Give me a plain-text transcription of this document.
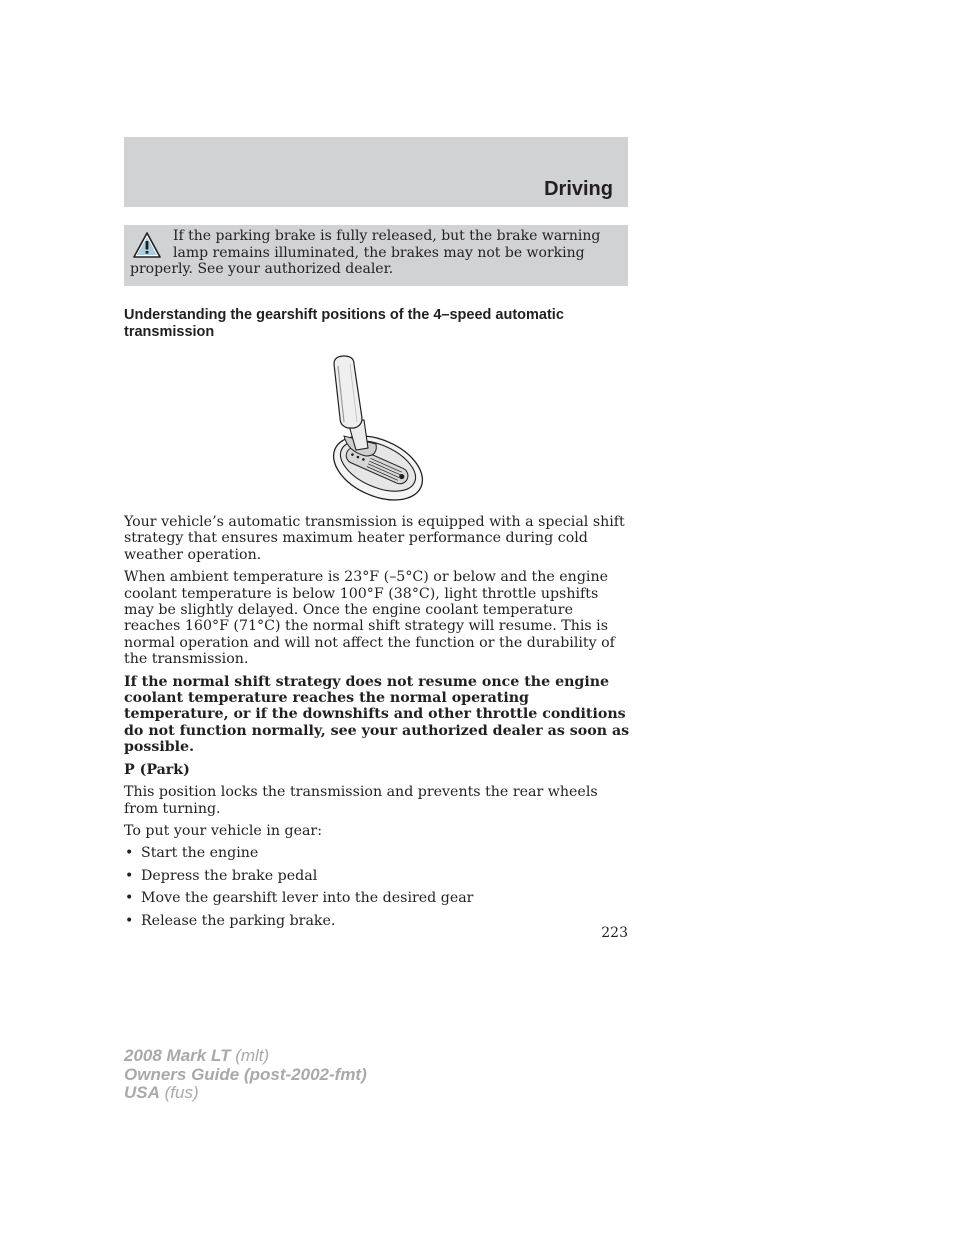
Driving
If the parking brake is fully released, but the brake warning lamp remains illuminated, the brakes may not be working properly. See your authorized dealer.
Understanding the gearshift positions of the 4–speed automatic transmission

Your vehicle’s automatic transmission is equipped with a special shift strategy that ensures maximum heater performance during cold weather operation.

When ambient temperature is 23°F (–5°C) or below and the engine coolant temperature is below 100°F (38°C), light throttle upshifts may be slightly delayed. Once the engine coolant temperature reaches 160°F (71°C) the normal shift strategy will resume. This is normal operation and will not affect the function or the durability of the transmission.

If the normal shift strategy does not resume once the engine coolant temperature reaches the normal operating temperature, or if the downshifts and other throttle conditions do not function normally, see your authorized dealer as soon as possible.

P (Park)

This position locks the transmission and prevents the rear wheels from turning.

To put your vehicle in gear:

• Start the engine
• Depress the brake pedal
• Move the gearshift lever into the desired gear
• Release the parking brake.
223
2008 Mark LT (mlt)
Owners Guide (post-2002-fmt)
USA (fus)
